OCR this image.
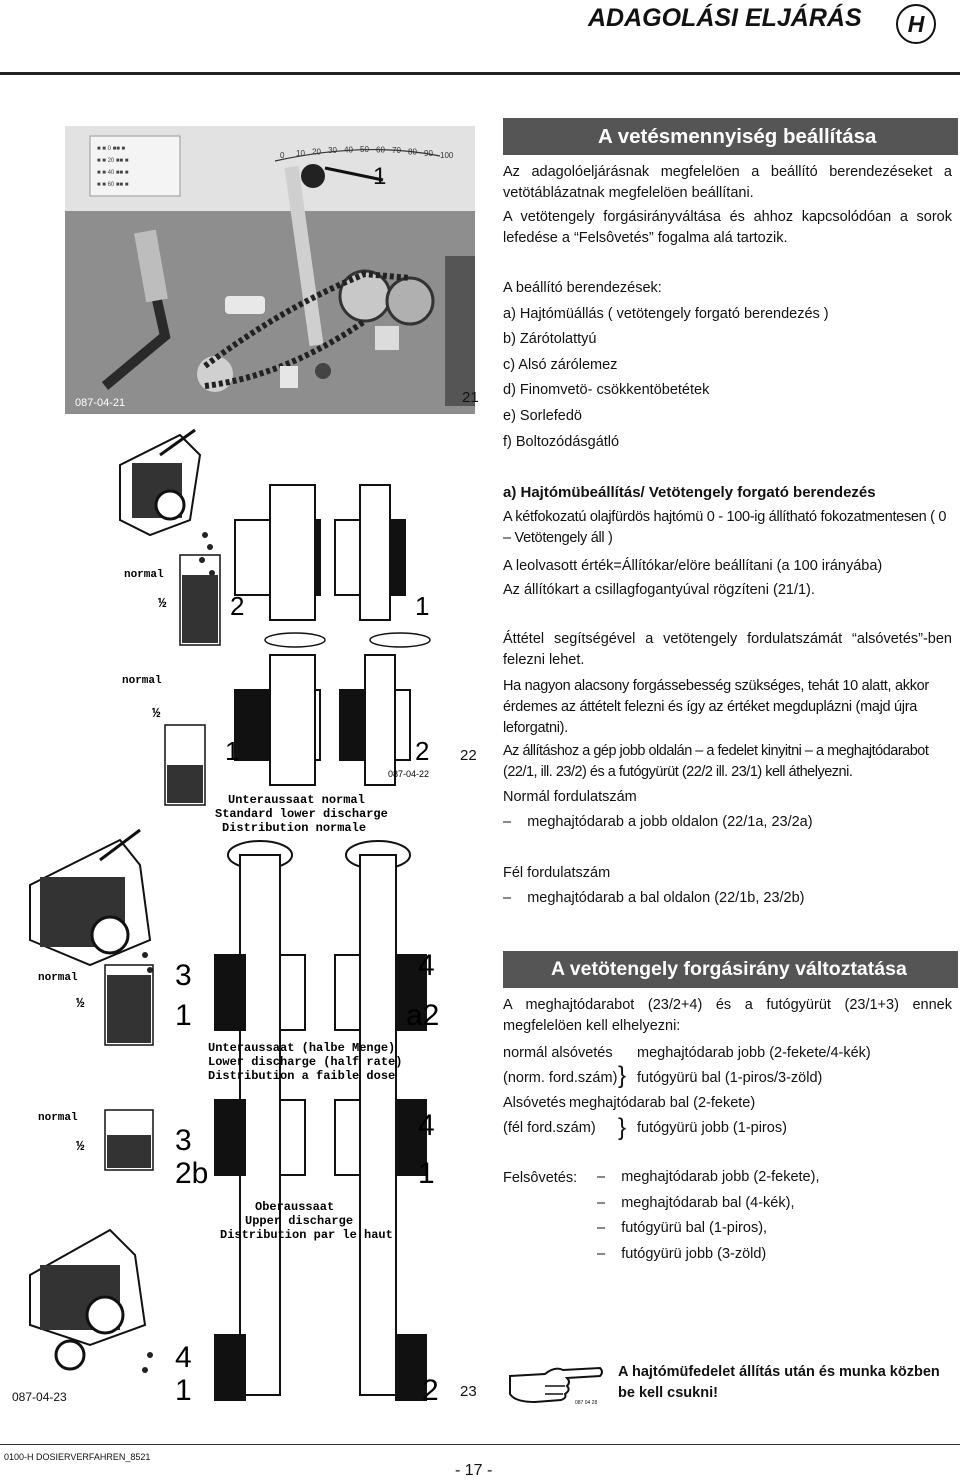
ADAGOLÁSI ELJÁRÁS	H
■ ■ 0 ■■ ■
■ ■ 20 ■■ ■
■ ■ 40 ■■ ■
■ ■ 60 ■■ ■
0 10 20 30 40 50 60 70 80 90 100
1
087-04-21	21
normal
½ 2	1
normal
½
1	2
087-04-22
Unteraussaat normal
Standard lower discharge
Distribution normale
22
normal
½
3	4
1	a2
Unteraussaat (halbe Menge)
Lower discharge (half rate)
Distribution a faible dose
normal
½	3	4
2b	1
Oberaussaat
Upper discharge
Distribution par le haut
4
1	2
087-04-23	23
A vetésmennyiség beállítása
Az adagolóeljárásnak megfelelöen a beállító berendezéseket a vetötáblázatnak megfelelöen beállítani.
A vetötengely forgásirányváltása és ahhoz kapcsolódóan a sorok lefedése a “Felsôvetés” fogalma alá tartozik.
A beállító berendezések:
a) Hajtómüállás ( vetötengely forgató berendezés )
b) Zárótolattyú
c) Alsó zárólemez
d) Finomvetö- csökkentöbetétek
e) Sorlefedö
f) Boltozódásgátló
a) Hajtómübeállítás/ Vetötengely forgató berendezés
A kétfokozatú olajfürdös hajtómü 0 - 100-ig állítható fokozatmentesen ( 0 – Vetötengely áll )
A leolvasott érték=Állítókar/elöre beállítani (a 100 irányába)
Az állítókart a csillagfogantyúval rögzíteni (21/1).
Áttétel segítségével a vetötengely fordulatszámát “alsóvetés”-ben felezni lehet.
Ha nagyon alacsony forgássebesség szükséges, tehát 10 alatt, akkor érdemes az áttételt felezni és így az értéket megduplázni (majd újra leforgatni).
Az állításhoz a gép jobb oldalán – a fedelet kinyitni – a meghajtódarabot (22/1, ill. 23/2) és a futógyürüt (22/2 ill. 23/1) kell áthelyezni.
Normál fordulatszám
–    meghajtódarab a jobb oldalon (22/1a, 23/2a)
Fél fordulatszám
–    meghajtódarab a bal oldalon (22/1b, 23/2b)
A vetötengely forgásirány változtatása
A meghajtódarabot (23/2+4) és a futógyürüt (23/1+3) ennek megfelelöen kell elhelyezni:
normál alsóvetés meghajtódarab jobb (2-fekete/4-kék)
(norm. ford.szám) } futógyürü bal (1-piros/3-zöld)
Alsóvetés meghajtódarab bal (2-fekete)
(fél ford.szám) } futógyürü jobb (1-piros)
Felsôvetés: –    meghajtódarab jobb (2-fekete),
–    meghajtódarab bal (4-kék),
–    futógyürü bal (1-piros),
–    futógyürü jobb (3-zöld)
087 04 28
A hajtómüfedelet állítás után és munka közben
be kell csukni!
0100-H DOSIERVERFAHREN_8521
- 17 -
